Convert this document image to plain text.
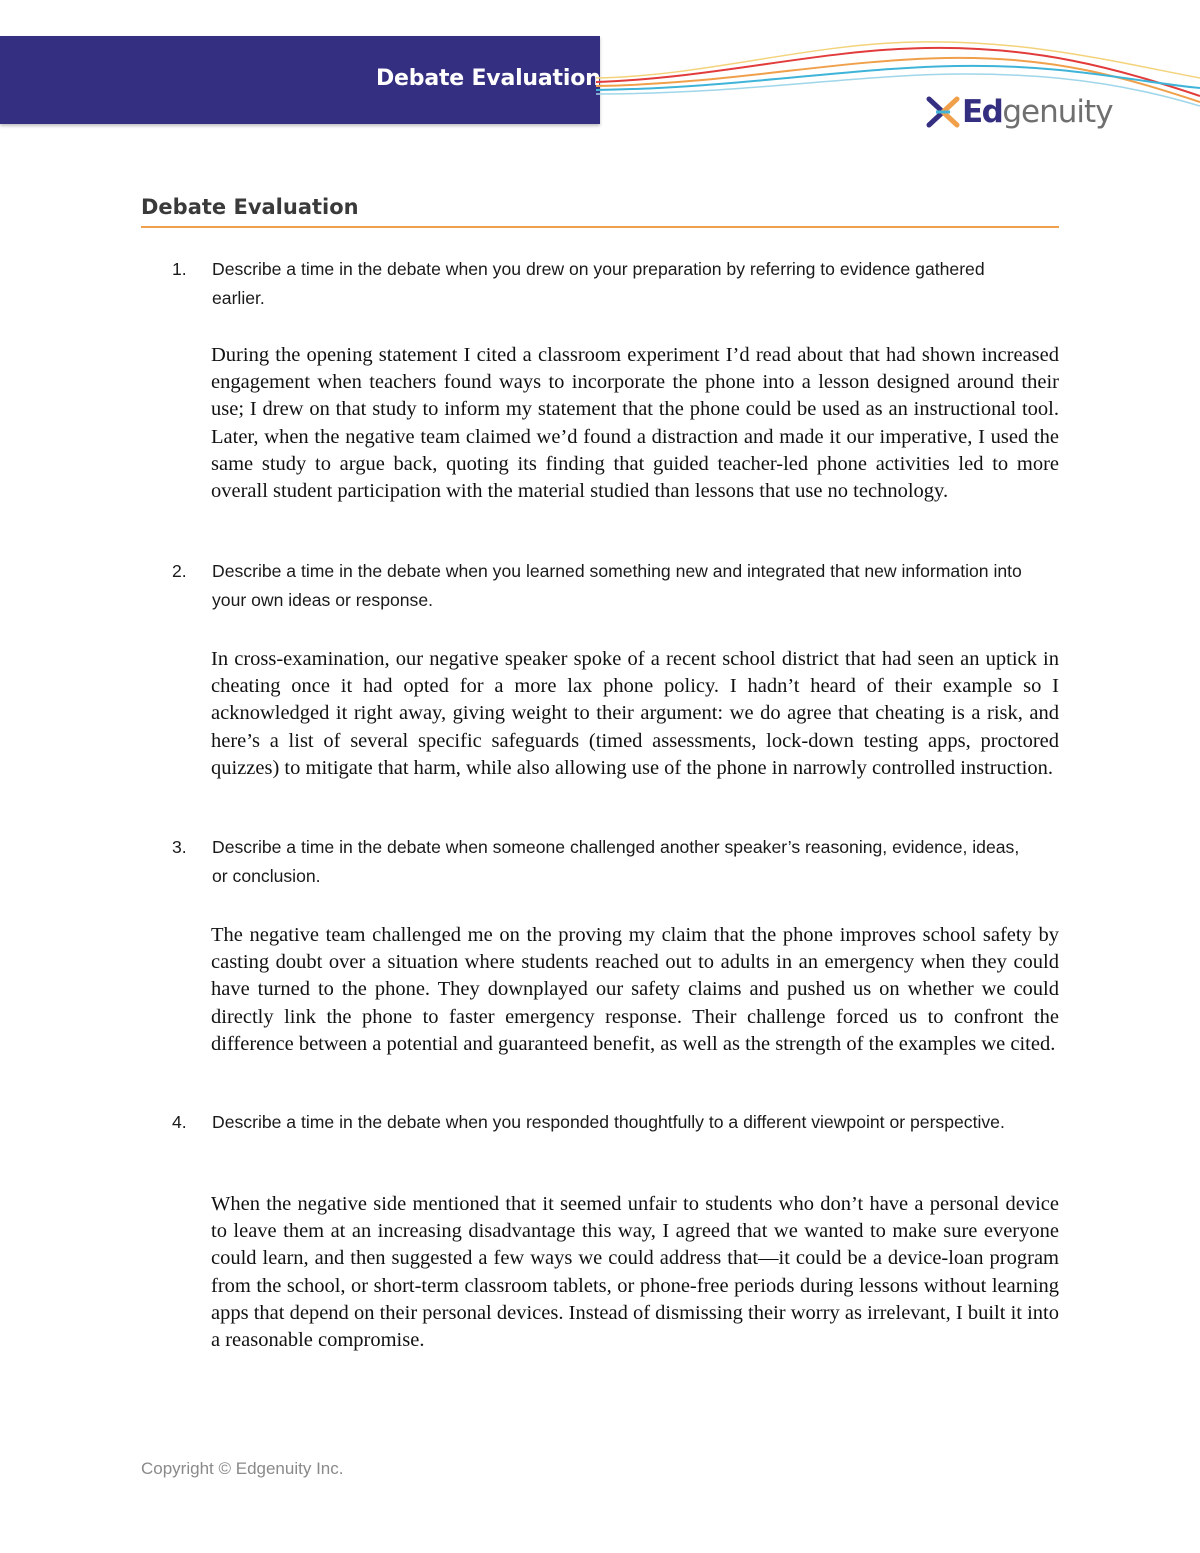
Debate Evaluation
Edgenuity
Debate Evaluation
1. Describe a time in the debate when you drew on your preparation by referring to evidence gathered earlier.
During the opening statement I cited a classroom experiment I’d read about that had shown increased engagement when teachers found ways to incorporate the phone into a lesson designed around their use; I drew on that study to inform my statement that the phone could be used as an instructional tool. Later, when the negative team claimed we’d found a distraction and made it our imperative, I used the same study to argue back, quoting its finding that guided teacher-led phone activities led to more overall student participation with the material studied than lessons that use no technology.
2. Describe a time in the debate when you learned something new and integrated that new information into your own ideas or response.
In cross-examination, our negative speaker spoke of a recent school district that had seen an uptick in cheating once it had opted for a more lax phone policy. I hadn’t heard of their example so I acknowledged it right away, giving weight to their argument: we do agree that cheating is a risk, and here’s a list of several specific safeguards (timed assessments, lock-down testing apps, proctored quizzes) to mitigate that harm, while also allowing use of the phone in narrowly controlled instruction.
3. Describe a time in the debate when someone challenged another speaker’s reasoning, evidence, ideas, or conclusion.
The negative team challenged me on the proving my claim that the phone improves school safety by casting doubt over a situation where students reached out to adults in an emergency when they could have turned to the phone. They downplayed our safety claims and pushed us on whether we could directly link the phone to faster emergency response. Their challenge forced us to confront the difference between a potential and guaranteed benefit, as well as the strength of the examples we cited.
4. Describe a time in the debate when you responded thoughtfully to a different viewpoint or perspective.
When the negative side mentioned that it seemed unfair to students who don’t have a personal device to leave them at an increasing disadvantage this way, I agreed that we wanted to make sure everyone could learn, and then suggested a few ways we could address that—it could be a device-loan program from the school, or short-term classroom tablets, or phone-free periods during lessons without learning apps that depend on their personal devices. Instead of dismissing their worry as irrelevant, I built it into a reasonable compromise.
Copyright © Edgenuity Inc.
